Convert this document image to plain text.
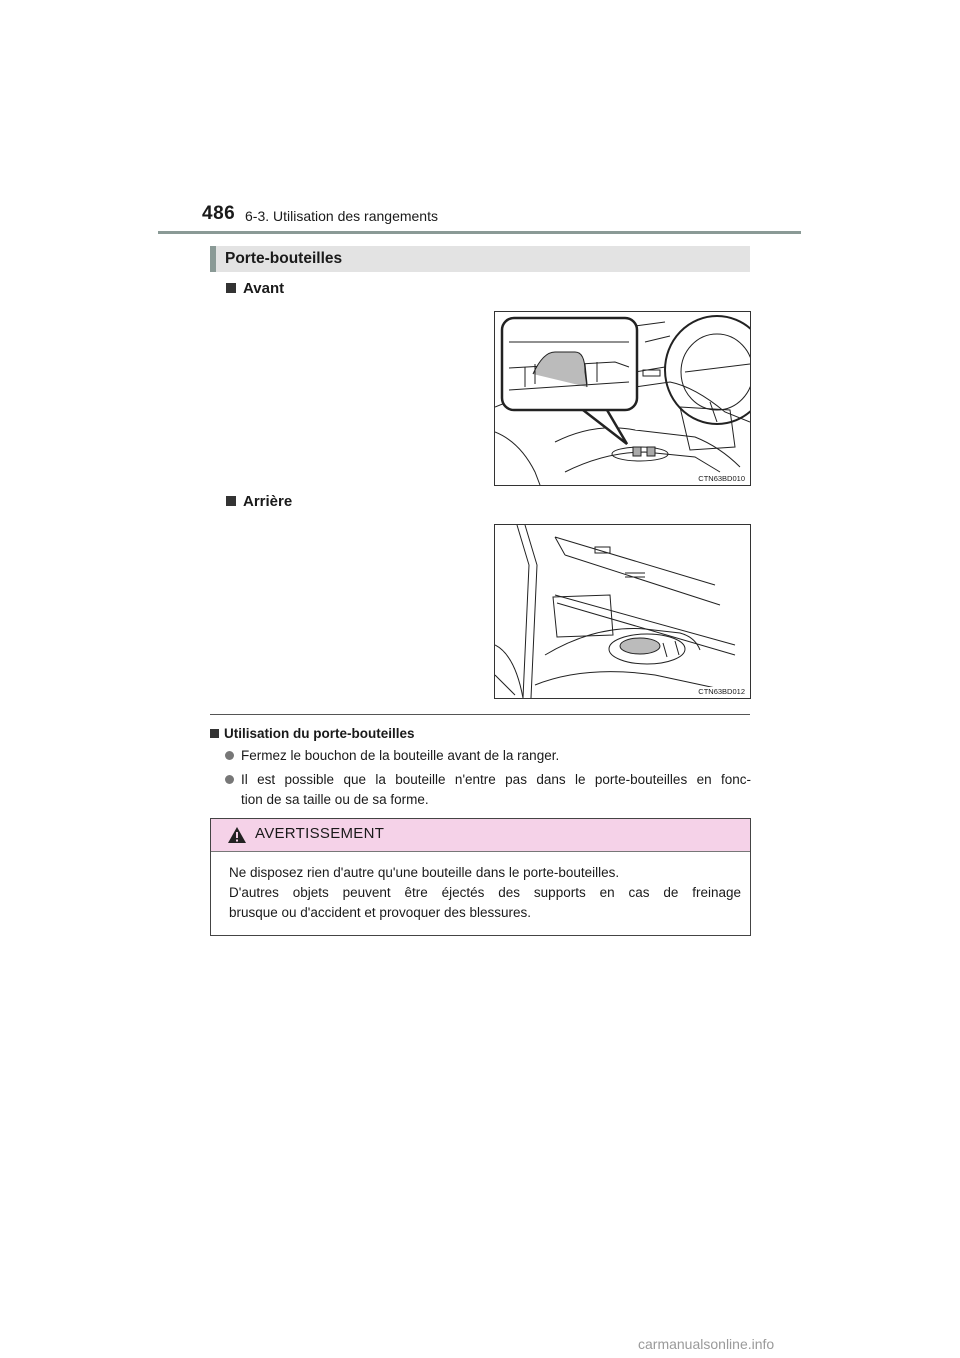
486 6-3. Utilisation des rangements
Porte-bouteilles
Avant
CTN63BD010
Arrière
CTN63BD012
Utilisation du porte-bouteilles
Fermez le bouchon de la bouteille avant de la ranger.
Il est possible que la bouteille n'entre pas dans le porte-bouteilles en fonc-
tion de sa taille ou de sa forme.
AVERTISSEMENT
Ne disposez rien d'autre qu'une bouteille dans le porte-bouteilles.
D'autres objets peuvent être éjectés des supports en cas de freinage
brusque ou d'accident et provoquer des blessures.
carmanualsonline.info
